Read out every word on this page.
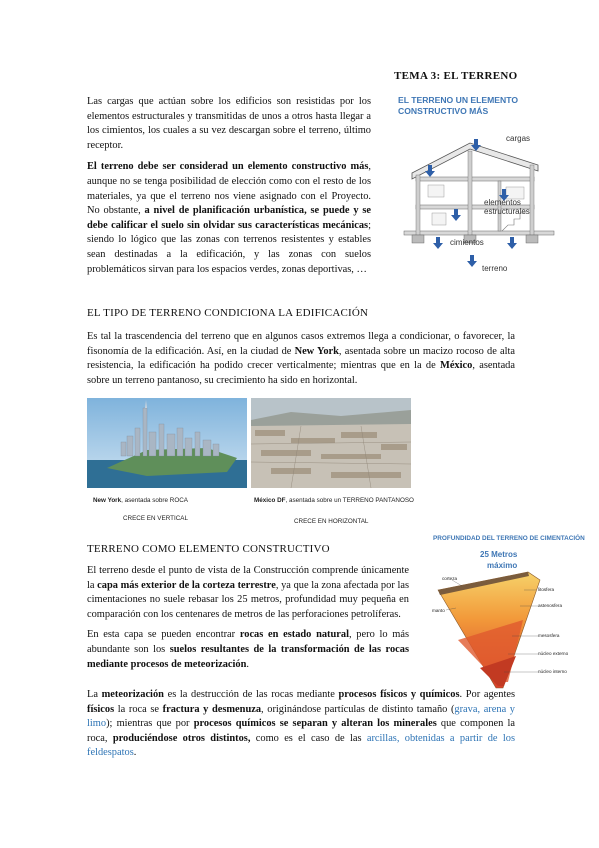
TEMA 3: EL TERRENO

Las cargas que actúan sobre los edificios son resistidas por los elementos estructurales y transmitidas de unos a otros hasta llegar a los cimientos, los cuales a su vez descargan sobre el terreno, último receptor.

El terreno debe ser considerad un elemento constructivo más, aunque no se tenga posibilidad de elección como con el resto de los materiales, ya que el terreno nos viene asignado con el Proyecto. No obstante, a nivel de planificación urbanística, se puede y se debe calificar el suelo sin olvidar sus características mecánicas; siendo lo lógico que las zonas con terrenos resistentes y estables sean destinadas a la edificación, y las zonas con suelos problemáticos sirvan para los espacios verdes, zonas deportivas, …

EL TERRENO UN ELEMENTO
CONSTRUCTIVO MÁS
cargas
elementos
estructurales
cimientos
terreno
EL TIPO DE TERRENO CONDICIONA LA EDIFICACIÓN

Es tal la trascendencia del terreno que en algunos casos extremos llega a condicionar, o favorecer, la fisonomía de la edificación. Así, en la ciudad de New York, asentada sobre un macizo rocoso de alta resistencia, la edificación ha podido crecer verticalmente; mientras que en la de México, asentada sobre un terreno pantanoso, su crecimiento ha sido en horizontal.

New York, asentada sobre ROCA	México DF, asentada sobre un TERRENO PANTANOSO
CRECE EN VERTICAL	CRECE EN HORIZONTAL
TERRENO COMO ELEMENTO CONSTRUCTIVO

El terreno desde el punto de vista de la Construcción comprende únicamente la capa más exterior de la corteza terrestre, ya que la zona afectada por las cimentaciones no suele rebasar los 25 metros, profundidad muy pequeña en comparación con los centenares de metros de las perforaciones petrolíferas.

En esta capa se pueden encontrar rocas en estado natural, pero lo más abundante son los suelos resultantes de la transformación de las rocas mediante procesos de meteorización.

La meteorización es la destrucción de las rocas mediante procesos físicos y químicos. Por agentes físicos la roca se fractura y desmenuza, originándose partículas de distinto tamaño (grava, arena y limo); mientras que por procesos químicos se separan y alteran los minerales que componen la roca, produciéndose otros distintos, como es el caso de las arcillas, obtenidas a partir de los feldespatos.

PROFUNDIDAD DEL TERRENO DE CIMENTACIÓN
25 Metros
máximo
corteza
manto
núcleo externo
núcleo interno
litosfera
astenosfera
mesosfera
